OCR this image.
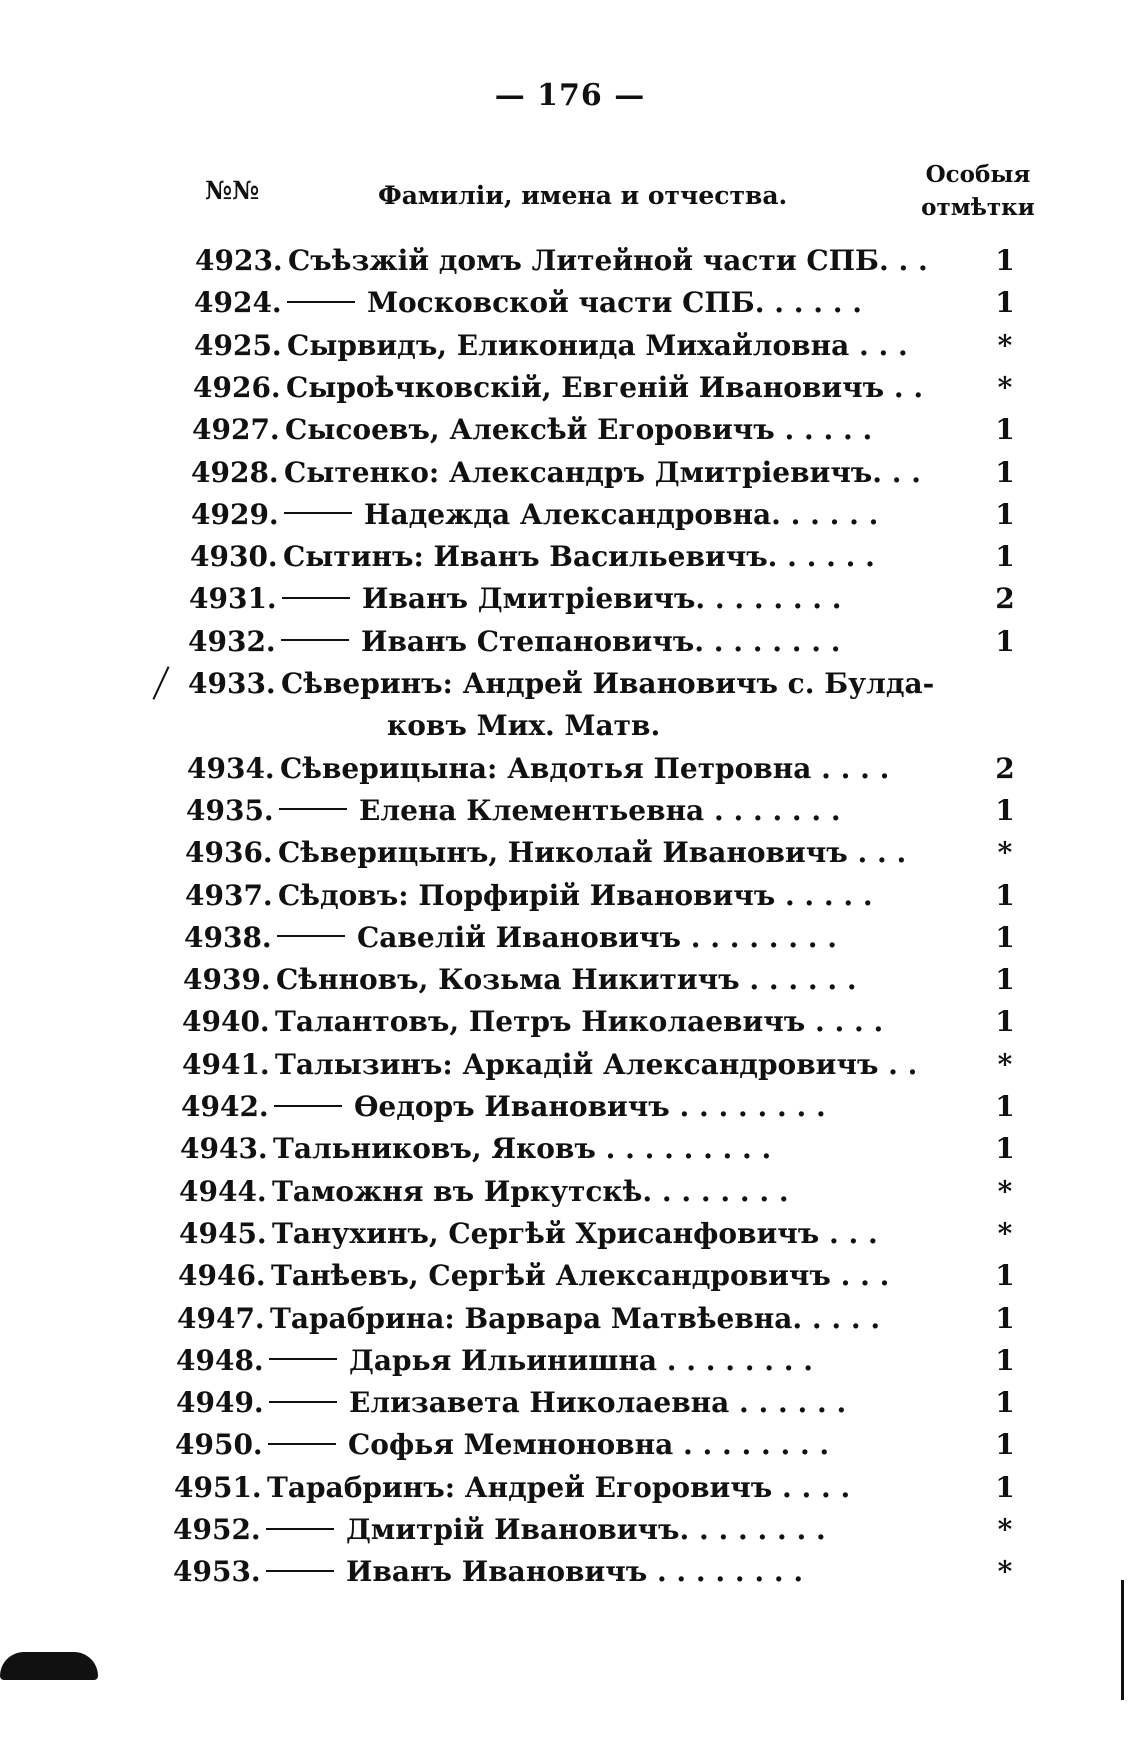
— 176 —
№№	Фамиліи, имена и отчества.
Особыя
отмѣтки
4923. Съѣзжій домъ Литейной части СПБ. . .	1
4924.	Московской части СПБ. . . . . .	1
4925. Сырвидъ, Еликонида Михайловна . . .	*
4926. Сыроѣчковскій, Евгеній Ивановичъ . .	*
4927. Сысоевъ, Алексѣй Егоровичъ . . . . .	1
4928. Сытенко: Александръ Дмитріевичъ. . .	1
4929.	Надежда Александровна. . . . . .	1
4930. Сытинъ: Иванъ Васильевичъ. . . . . .	1
4931.	Иванъ Дмитріевичъ. . . . . . . .	2
4932.	Иванъ Степановичъ. . . . . . . .	1
4933. Сѣверинъ: Андрей Ивановичъ с. Булда-
ковъ Мих. Матв.
4934. Сѣверицына: Авдотья Петровна . . . .	2
4935.	Елена Клементьевна . . . . . . .	1
4936. Сѣверицынъ, Николай Ивановичъ . . .	*
4937. Сѣдовъ: Порфирій Ивановичъ . . . . .	1
4938.	Савелій Ивановичъ . . . . . . . .	1
4939. Сѣнновъ, Козьма Никитичъ . . . . . .	1
4940. Талантовъ, Петръ Николаевичъ . . . .	1
4941. Талызинъ: Аркадій Александровичъ . .	*
4942.	Ѳедоръ Ивановичъ . . . . . . . .	1
4943. Тальниковъ, Яковъ . . . . . . . . .	1
4944. Таможня въ Иркутскѣ. . . . . . . .	*
4945. Танухинъ, Сергѣй Хрисанфовичъ . . .	*
4946. Танѣевъ, Сергѣй Александровичъ . . .	1
4947. Тарабрина: Варвара Матвѣевна. . . . .	1
4948.	Дарья Ильинишна . . . . . . . .	1
4949.	Елизавета Николаевна . . . . . .	1
4950.	Софья Мемноновна . . . . . . . .	1
4951. Тарабринъ: Андрей Егоровичъ . . . .	1
4952.	Дмитрій Ивановичъ. . . . . . . .	*
4953.	Иванъ Ивановичъ . . . . . . . .	*
